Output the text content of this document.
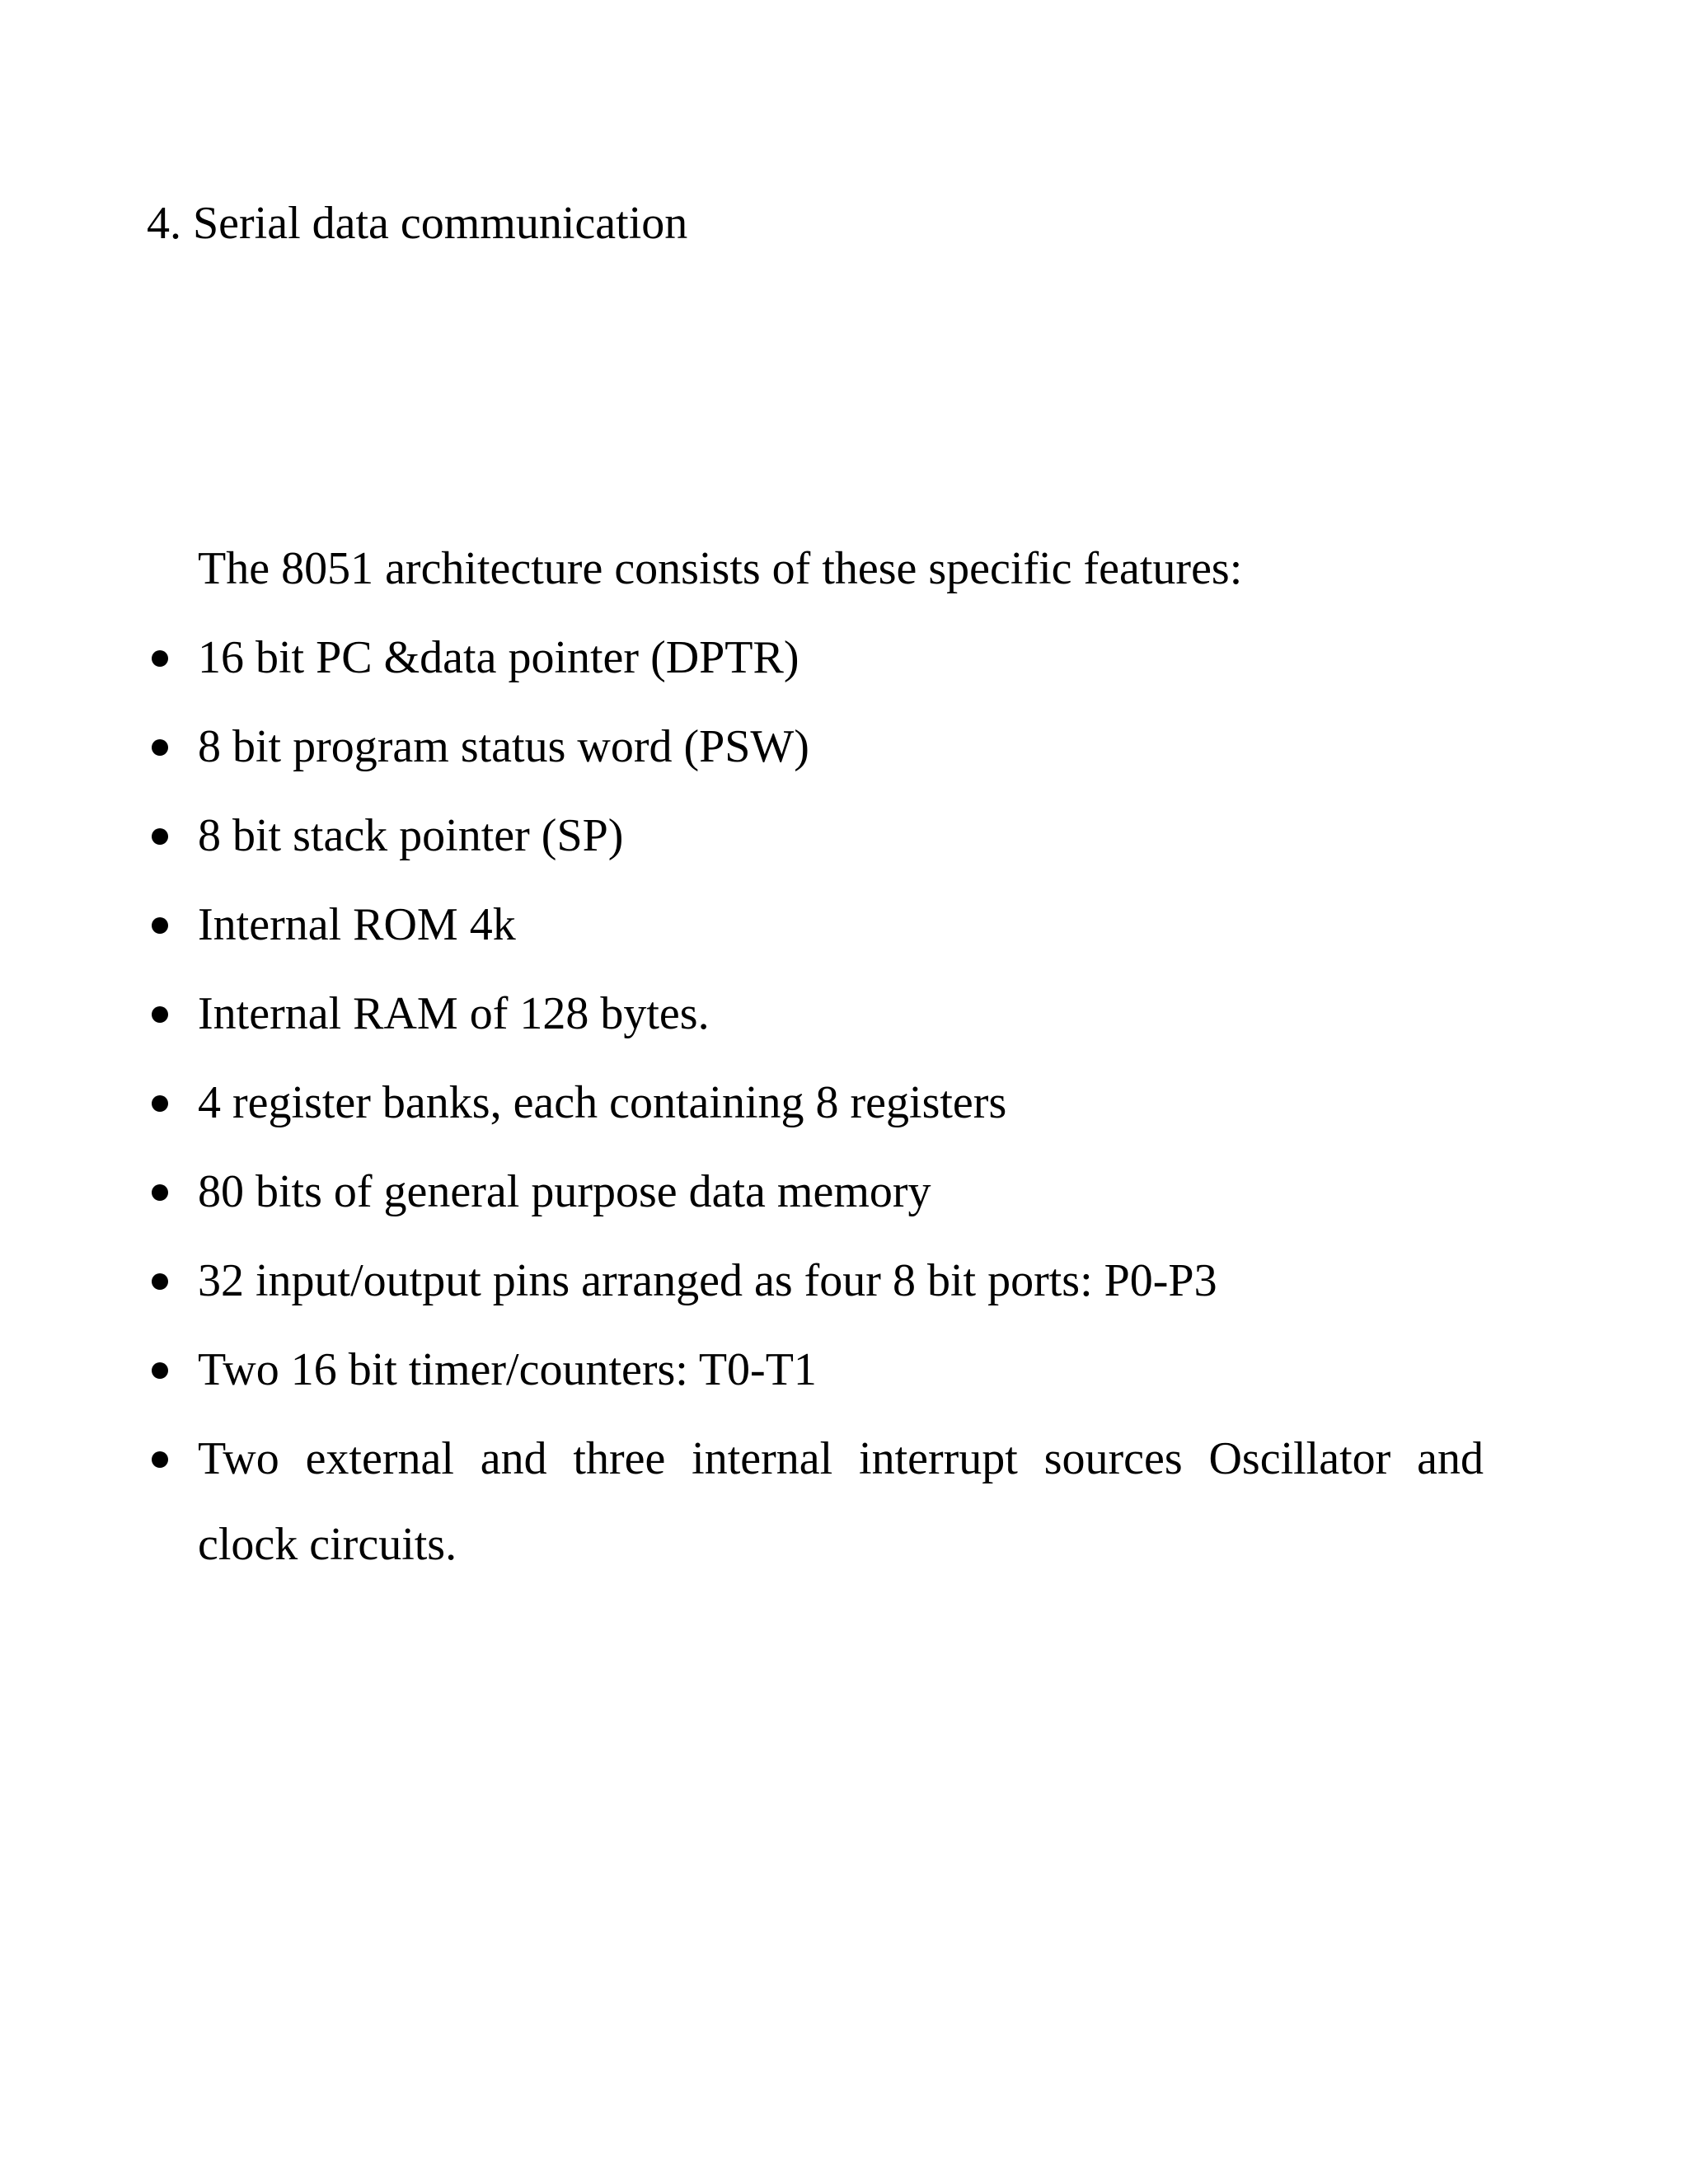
4. Serial data communication

The 8051 architecture consists of these specific features:

16 bit PC &data pointer (DPTR)
8 bit program status word (PSW)
8 bit stack pointer (SP)
Internal ROM 4k
Internal RAM of 128 bytes.
4 register banks, each containing 8 registers
80 bits of general purpose data memory
32 input/output pins arranged as four 8 bit ports: P0-P3
Two 16 bit timer/counters: T0-T1
Two external and three internal interrupt sources Oscillator and
clock circuits.
